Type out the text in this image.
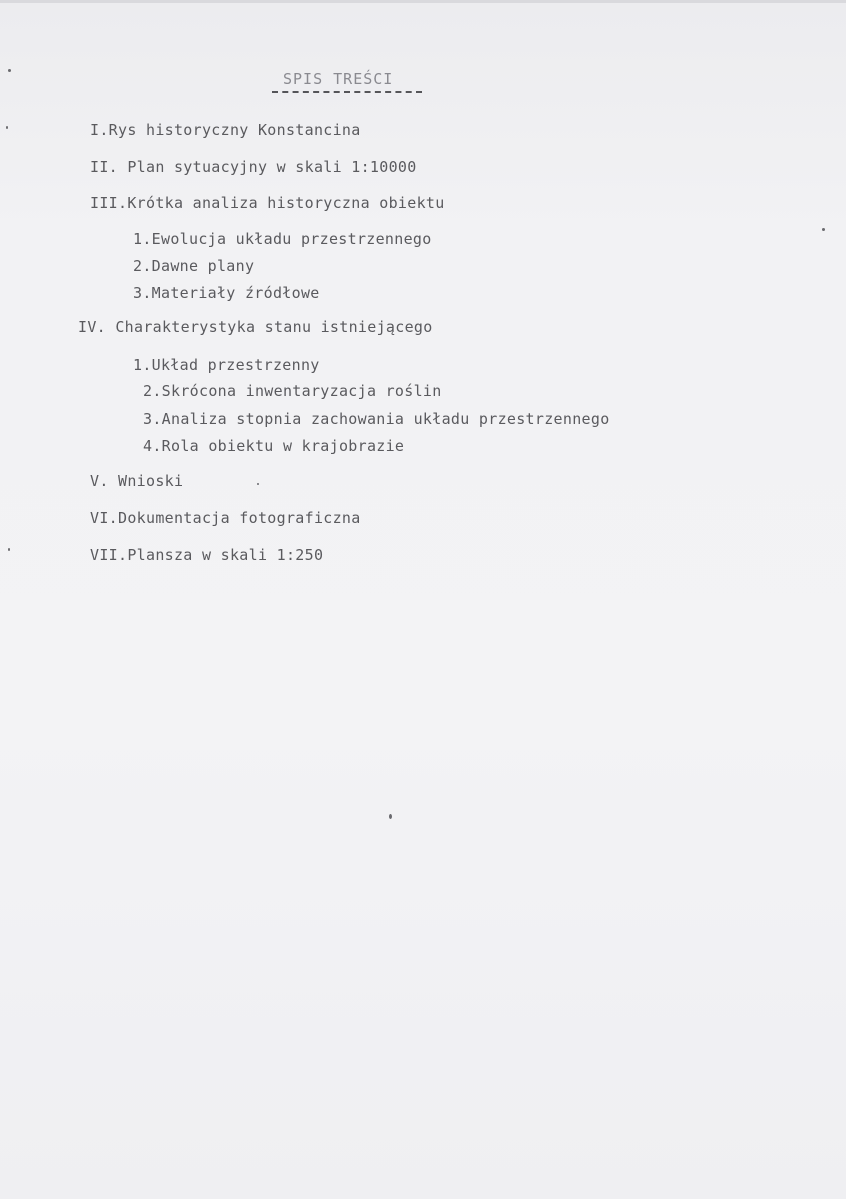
SPIS TREŚCI
I.Rys historyczny Konstancina
II. Plan sytuacyjny w skali 1:10000
III.Krótka analiza historyczna obiektu
1.Ewolucja układu przestrzennego
2.Dawne plany
3.Materiały źródłowe
IV. Charakterystyka stanu istniejącego
1.Układ przestrzenny
2.Skrócona inwentaryzacja roślin
3.Analiza stopnia zachowania układu przestrzennego
4.Rola obiektu w krajobrazie
V. Wnioski
VI.Dokumentacja fotograficzna
VII.Plansza w skali 1:250
